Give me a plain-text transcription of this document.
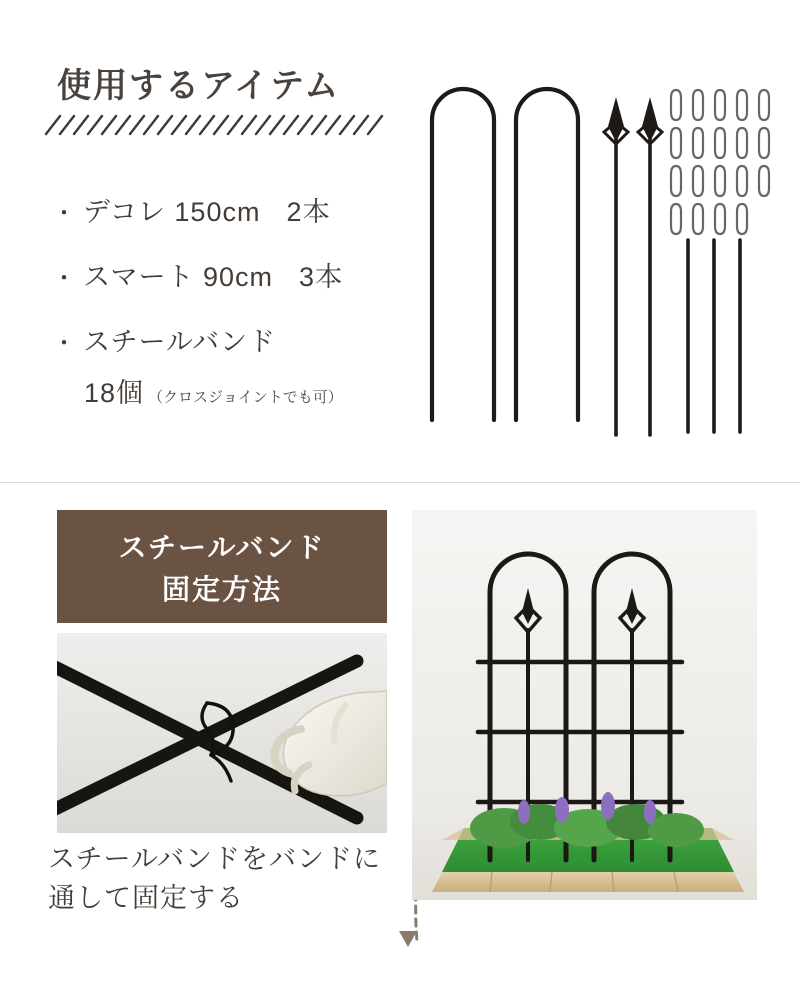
使用するアイテム
・ デコレ 150cm 2本
・ スマート 90cm 3本
・ スチールバンド
18個 （クロスジョイントでも可）
スチールバンド
固定方法
スチールバンドをバンドに通して固定する
